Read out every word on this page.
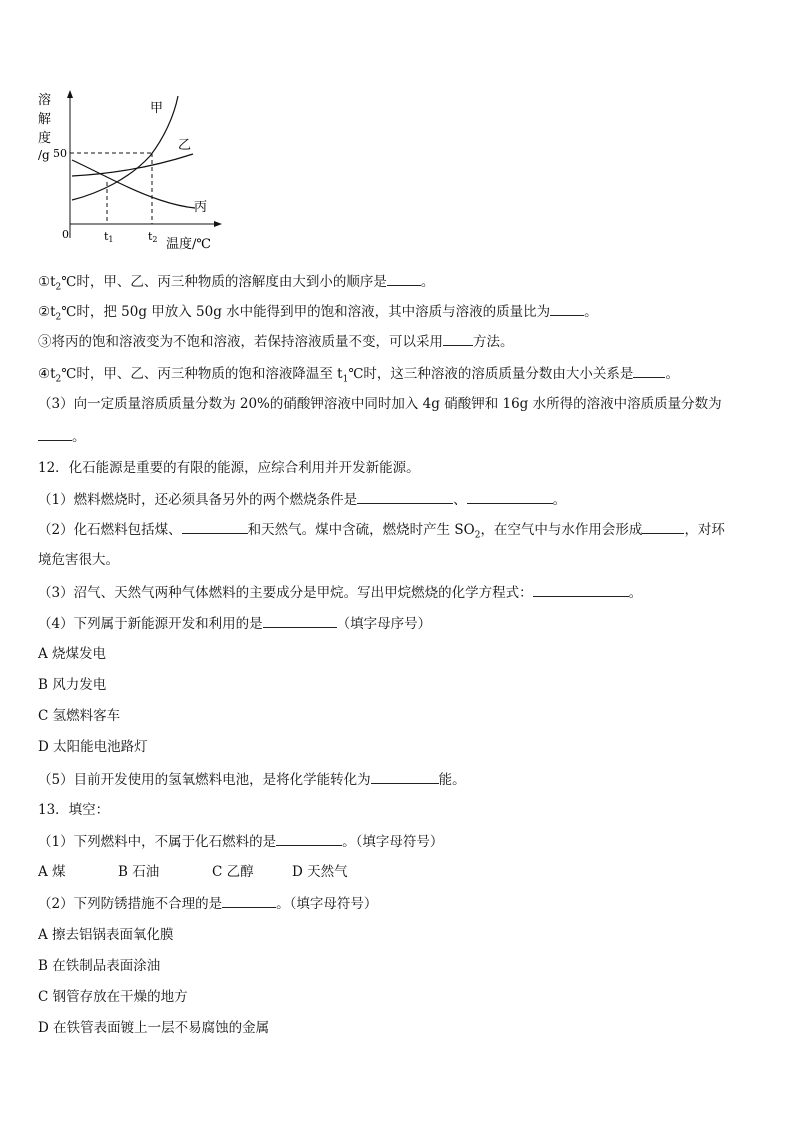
溶
解
度
/g 50
0	t1	t2 温度/℃
甲
乙
丙
$①t_2℃$时，甲、乙、丙三种物质的溶解度由大到小的顺序是	。
$②t_2℃$时，把 50g 甲放入 50g 水中能得到甲的饱和溶液，其中溶质与溶液的质量比为	。
③将丙的饱和溶液变为不饱和溶液，若保持溶液质量不变，可以采用 方法。
$④t_2℃$时，甲、乙、丙三种物质的饱和溶液降温至 $t_1℃$时，这三种溶液的溶质质量分数由大小关系是 。
（3）向一定质量溶质质量分数为 20%的硝酸钾溶液中同时加入 4g 硝酸钾和 16g 水所得的溶液中溶质质量分数为
。
12．化石能源是重要的有限的能源，应综合利用并开发新能源。
（1）燃料燃烧时，还必须具备另外的两个燃烧条件是	、	。
（2）化石燃料包括煤、	和天然气。煤中含硫，燃烧时产生 $SO_2$，在空气中与水作用会形成	，对环
境危害很大。
（3）沼气、天然气两种气体燃料的主要成分是甲烷。写出甲烷燃烧的化学方程式：	。
（4）下列属于新能源开发和利用的是	（填字母序号）
A 烧煤发电
B 风力发电
C 氢燃料客车
D 太阳能电池路灯
（5）目前开发使用的氢氧燃料电池，是将化学能转化为	能。
13．填空：
（1）下列燃料中，不属于化石燃料的是	。（填字母符号）
A 煤	B 石油	C 乙醇	D 天然气
（2）下列防锈措施不合理的是	。（填字母符号）
A 擦去铝锅表面氧化膜
B 在铁制品表面涂油
C 钢管存放在干燥的地方
D 在铁管表面镀上一层不易腐蚀的金属
